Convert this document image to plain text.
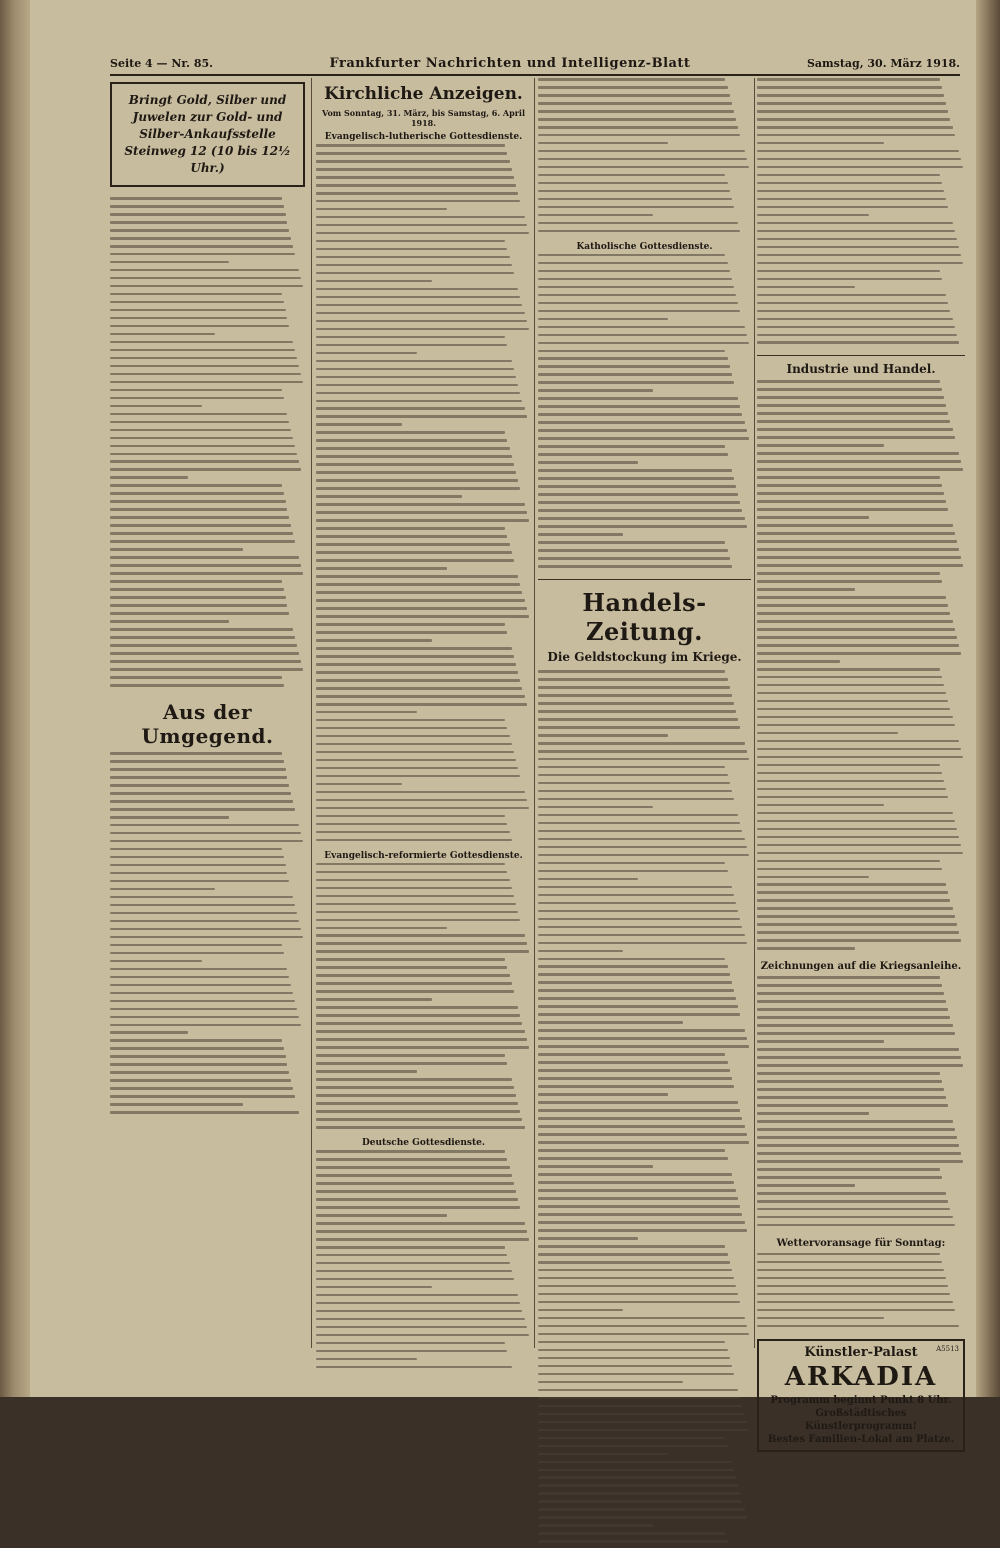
Seite 4 — Nr. 85.	Frankfurter Nachrichten und Intelligenz-Blatt	Samstag, 30. März 1918.
Bringt Gold, Silber und Juwelen zur Gold- und Silber-Ankaufsstelle Steinweg 12 (10 bis 12½ Uhr.)
Aus der Umgegend.
Kirchliche Anzeigen.
Vom Sonntag, 31. März, bis Samstag, 6. April 1918.
Evangelisch-lutherische Gottesdienste.
Evangelisch-reformierte Gottesdienste.
Deutsche Gottesdienste.
Katholische Gottesdienste.
Handels-Zeitung.
Die Geldstockung im Kriege.
Industrie und Handel.
Zeichnungen auf die Kriegsanleihe.
Wettervoransage für Sonntag:
A5513
Künstler-Palast
ARKADIA
Programm beginnt Punkt 8 Uhr.
Großstädtisches Künstlerprogramm!
Bestes Familien-Lokal am Platze.
